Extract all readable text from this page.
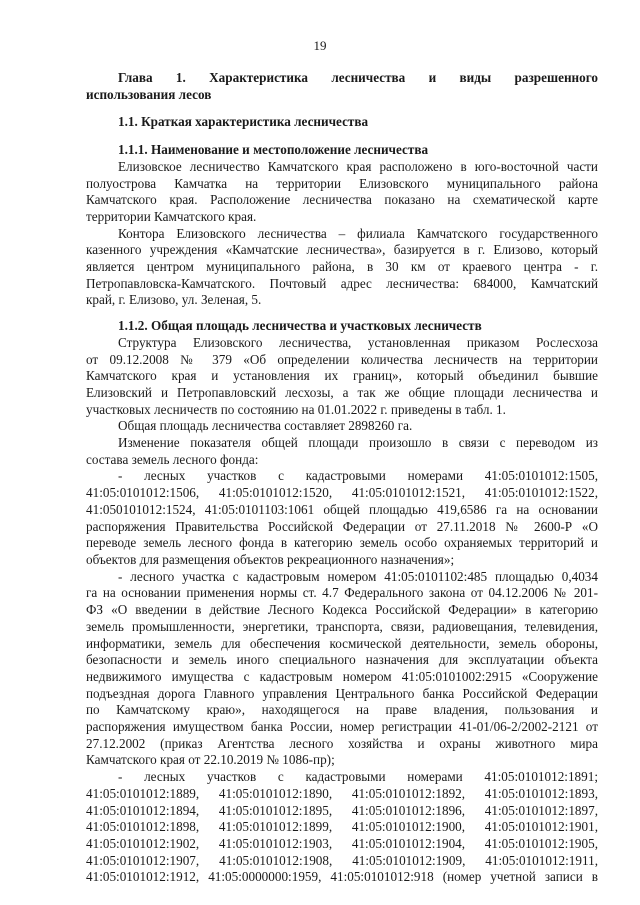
19

Глава 1. Характеристика лесничества и виды разрешенного

использования лесов

1.1. Краткая характеристика лесничества

1.1.1. Наименование и местоположение лесничества

Елизовское лесничество Камчатского края расположено в юго-восточной части

полуострова Камчатка на территории Елизовского муниципального района

Камчатского края. Расположение лесничества показано на схематической карте

территории Камчатского края.

Контора Елизовского лесничества – филиала Камчатского государственного

казенного учреждения «Камчатские лесничества», базируется в г. Елизово, который

является центром муниципального района, в 30 км от краевого центра - г.

Петропавловска-Камчатского. Почтовый адрес лесничества: 684000, Камчатский

край, г. Елизово, ул. Зеленая, 5.

1.1.2. Общая площадь лесничества и участковых лесничеств

Структура Елизовского лесничества, установленная приказом Рослесхоза

от 09.12.2008 № 379 «Об определении количества лесничеств на территории

Камчатского края и установления их границ», который объединил бывшие

Елизовский и Петропавловский лесхозы, а так же общие площади лесничества и

участковых лесничеств по состоянию на 01.01.2022 г. приведены в табл. 1.

Общая площадь лесничества составляет 2898260 га.

Изменение показателя общей площади произошло в связи с переводом из

состава земель лесного фонда:

- лесных участков с кадастровыми номерами 41:05:0101012:1505,

41:05:0101012:1506, 41:05:0101012:1520, 41:05:0101012:1521, 41:05:0101012:1522,

41:050101012:1524, 41:05:0101103:1061 общей площадью 419,6586 га на основании

распоряжения Правительства Российской Федерации от 27.11.2018 № 2600-Р «О

переводе земель лесного фонда в категорию земель особо охраняемых территорий и

объектов для размещения объектов рекреационного назначения»;

- лесного участка с кадастровым номером 41:05:0101102:485 площадью 0,4034

га на основании применения нормы ст. 4.7 Федерального закона от 04.12.2006 № 201-

ФЗ «О введении в действие Лесного Кодекса Российской Федерации» в категорию

земель промышленности, энергетики, транспорта, связи, радиовещания, телевидения,

информатики, земель для обеспечения космической деятельности, земель обороны,

безопасности и земель иного специального назначения для эксплуатации объекта

недвижимого имущества с кадастровым номером 41:05:0101002:2915 «Сооружение

подъездная дорога Главного управления Центрального банка Российской Федерации

по Камчатскому краю», находящегося на праве владения, пользования и

распоряжения имуществом банка России, номер регистрации 41-01/06-2/2002-2121 от

27.12.2002 (приказ Агентства лесного хозяйства и охраны животного мира

Камчатского края от 22.10.2019 № 1086-пр);

- лесных участков с кадастровыми номерами 41:05:0101012:1891;

41:05:0101012:1889, 41:05:0101012:1890, 41:05:0101012:1892, 41:05:0101012:1893,

41:05:0101012:1894, 41:05:0101012:1895, 41:05:0101012:1896, 41:05:0101012:1897,

41:05:0101012:1898, 41:05:0101012:1899, 41:05:0101012:1900, 41:05:0101012:1901,

41:05:0101012:1902, 41:05:0101012:1903, 41:05:0101012:1904, 41:05:0101012:1905,

41:05:0101012:1907, 41:05:0101012:1908, 41:05:0101012:1909, 41:05:0101012:1911,

41:05:0101012:1912, 41:05:0000000:1959, 41:05:0101012:918 (номер учетной записи в
